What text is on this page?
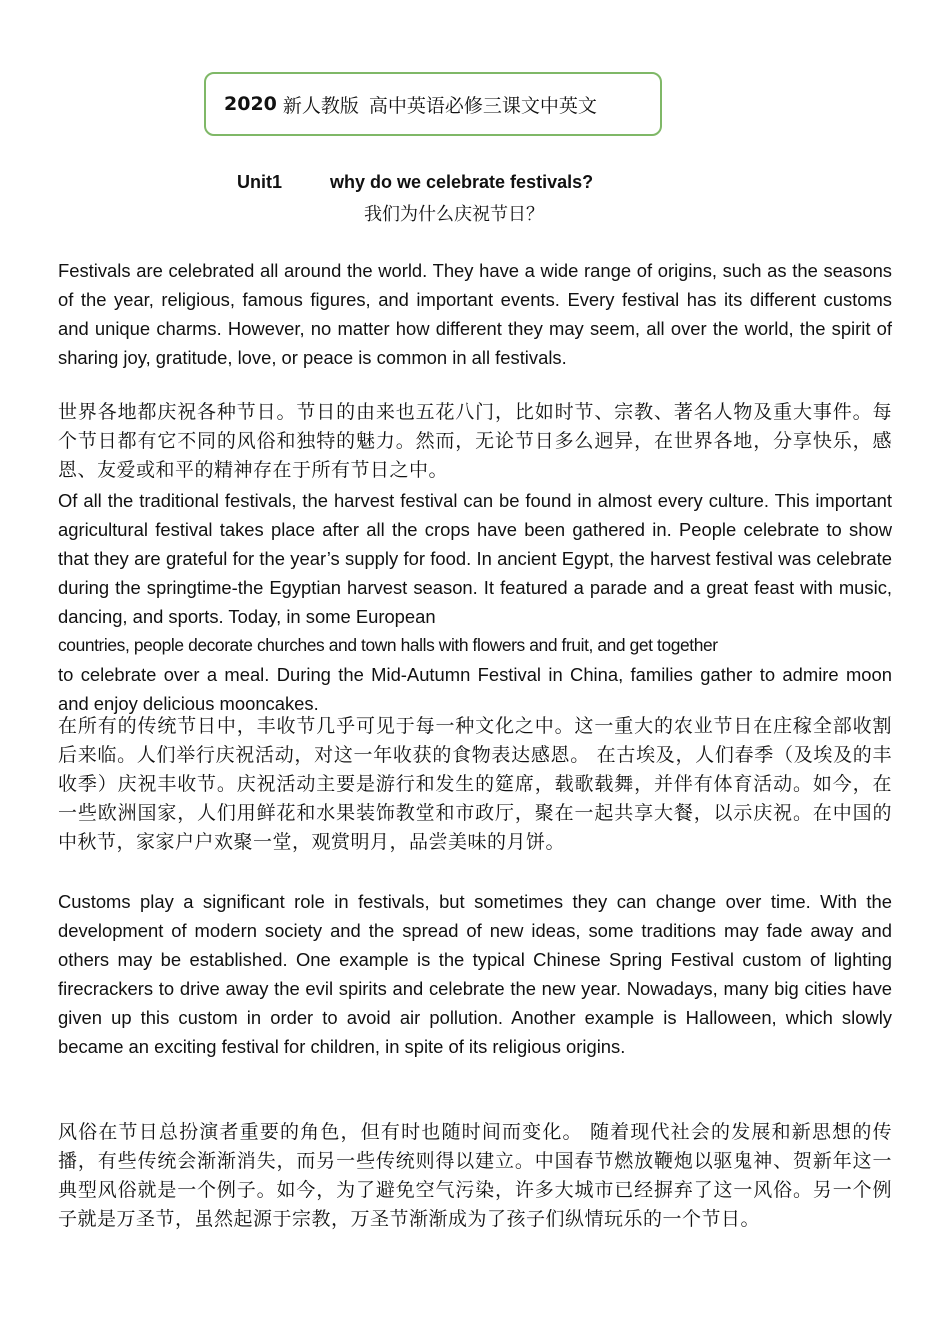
2020 新人教版 高中英语必修三课文中英文
Unit1	why do we celebrate festivals?
我们为什么庆祝节日？

Festivals are celebrated all around the world. They have a wide range of origins, such as the seasons of the year, religious, famous figures, and important events. Every festival has its different customs and unique charms. However, no matter how different they may seem, all over the world, the spirit of sharing joy, gratitude, love, or peace is common in all festivals.

世界各地都庆祝各种节日。节日的由来也五花八门，比如时节、宗教、著名人物及重大事件。每个节日都有它不同的风俗和独特的魅力。然而，无论节日多么迥异，在世界各地，分享快乐，感恩、友爱或和平的精神存在于所有节日之中。

Of all the traditional festivals, the harvest festival can be found in almost every culture. This important agricultural festival takes place after all the crops have been gathered in. People celebrate to show that they are grateful for the year’s supply for food. In ancient Egypt, the harvest festival was celebrate during the springtime-the Egyptian harvest season. It featured a parade and a great feast with music, dancing, and sports. Today, in some European
countries, people decorate churches and town halls with flowers and fruit, and get together
to celebrate over a meal. During the Mid-Autumn Festival in China, families gather to admire moon and enjoy delicious mooncakes.

在所有的传统节日中，丰收节几乎可见于每一种文化之中。这一重大的农业节日在庄稼全部收割后来临。人们举行庆祝活动，对这一年收获的食物表达感恩。 在古埃及，人们春季（及埃及的丰收季）庆祝丰收节。庆祝活动主要是游行和发生的筵席，载歌载舞，并伴有体育活动。如今，在一些欧洲国家，人们用鲜花和水果装饰教堂和市政厅，聚在一起共享大餐，以示庆祝。在中国的中秋节，家家户户欢聚一堂，观赏明月，品尝美味的月饼。

Customs play a significant role in festivals, but sometimes they can change over time. With the development of modern society and the spread of new ideas, some traditions may fade away and others may be established. One example is the typical Chinese Spring Festival custom of lighting firecrackers to drive away the evil spirits and celebrate the new year. Nowadays, many big cities have given up this custom in order to avoid air pollution. Another example is Halloween, which slowly became an exciting festival for children, in spite of its religious origins.

风俗在节日总扮演者重要的角色，但有时也随时间而变化。 随着现代社会的发展和新思想的传播，有些传统会渐渐消失，而另一些传统则得以建立。中国春节燃放鞭炮以驱鬼神、贺新年这一典型风俗就是一个例子。如今，为了避免空气污染，许多大城市已经摒弃了这一风俗。另一个例子就是万圣节，虽然起源于宗教，万圣节渐渐成为了孩子们纵情玩乐的一个节日。
